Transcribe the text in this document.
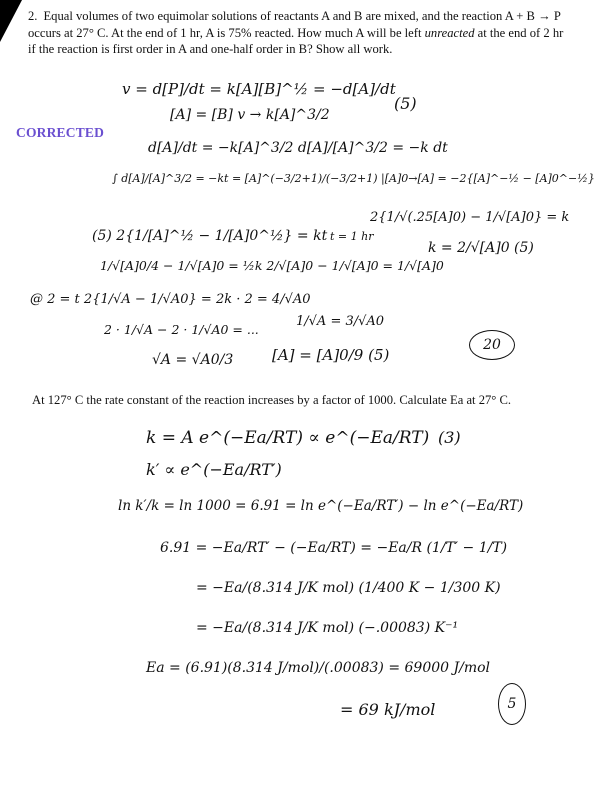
2. Equal volumes of two equimolar solutions of reactants A and B are mixed, and the reaction A + B → P occurs at 27° C. At the end of 1 hr, A is 75% reacted. How much A will be left unreacted at the end of 2 hr if the reaction is first order in A and one-half order in B? Show all work.
CORRECTED
v = d[P]/dt = k[A][B]^½ = −d[A]/dt
[A] = [B] v → k[A]^3/2
(5)
d[A]/dt = −k[A]^3/2 d[A]/[A]^3/2 = −k dt
∫ d[A]/[A]^3/2 = −kt = [A]^(−3/2+1)/(−3/2+1) |[A]0→[A] = −2{[A]^−½ − [A]0^−½}
(5) 2{1/[A]^½ − 1/[A]0^½} = kt t = 1 hr
2{1/√(.25[A]0) − 1/√[A]0} = k
1/√[A]0/4 − 1/√[A]0 = ½k 2/√[A]0 − 1/√[A]0 = 1/√[A]0
k = 2/√[A]0 (5)
@ 2 = t 2{1/√A − 1/√A0} = 2k · 2 = 4/√A0
2 · 1/√A − 2 · 1/√A0 = ...
1/√A = 3/√A0
√A = √A0/3	[A] = [A]0/9 (5)
20
At 127° C the rate constant of the reaction increases by a factor of 1000. Calculate Ea at 27° C.
k = A e^(−Ea/RT) ∝ e^(−Ea/RT) (3)
k′ ∝ e^(−Ea/RT′)
ln k′/k = ln 1000 = 6.91 = ln e^(−Ea/RT′) − ln e^(−Ea/RT)
6.91 = −Ea/RT′ − (−Ea/RT) = −Ea/R (1/T′ − 1/T)
= −Ea/(8.314 J/K mol) (1/400 K − 1/300 K)
= −Ea/(8.314 J/K mol) (−.00083) K⁻¹
Ea = (6.91)(8.314 J/mol)/(.00083) = 69000 J/mol
= 69 kJ/mol	5
